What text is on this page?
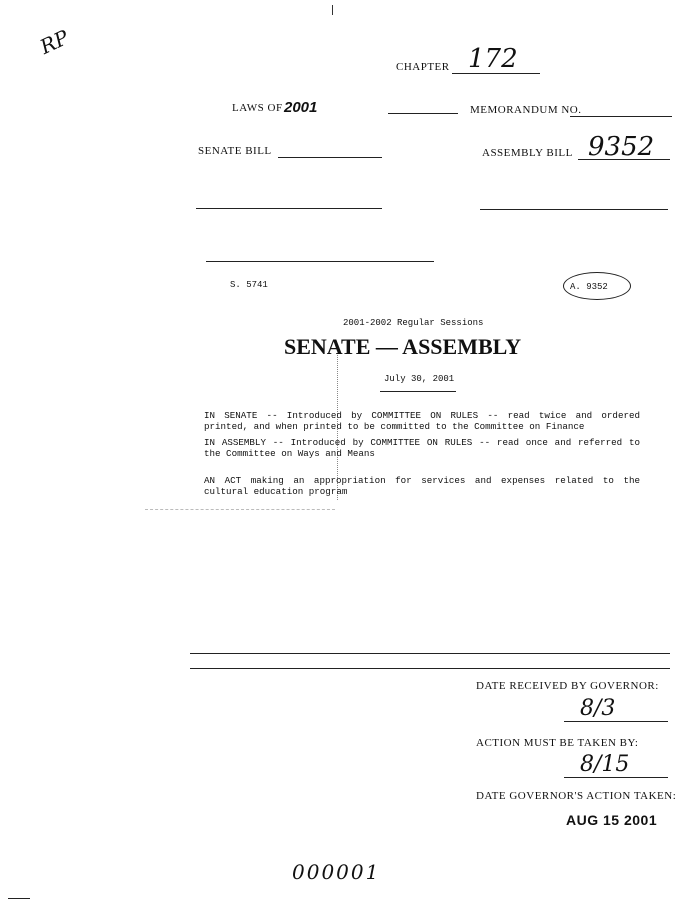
RP
CHAPTER 172
LAWS OF 2001	MEMORANDUM NO.
SENATE BILL	ASSEMBLY BILL 9352
S. 5741	A. 9352
2001-2002 Regular Sessions
SENATE — ASSEMBLY
July 30, 2001
IN SENATE -- Introduced by COMMITTEE ON RULES -- read twice and ordered printed, and when printed to be committed to the Committee on Finance
IN ASSEMBLY -- Introduced by COMMITTEE ON RULES -- read once and referred to the Committee on Ways and Means
AN ACT making an appropriation for services and expenses related to the cultural education program
DATE RECEIVED BY GOVERNOR:
8/3
ACTION MUST BE TAKEN BY:
8/15
DATE GOVERNOR'S ACTION TAKEN:
AUG 15 2001
000001
